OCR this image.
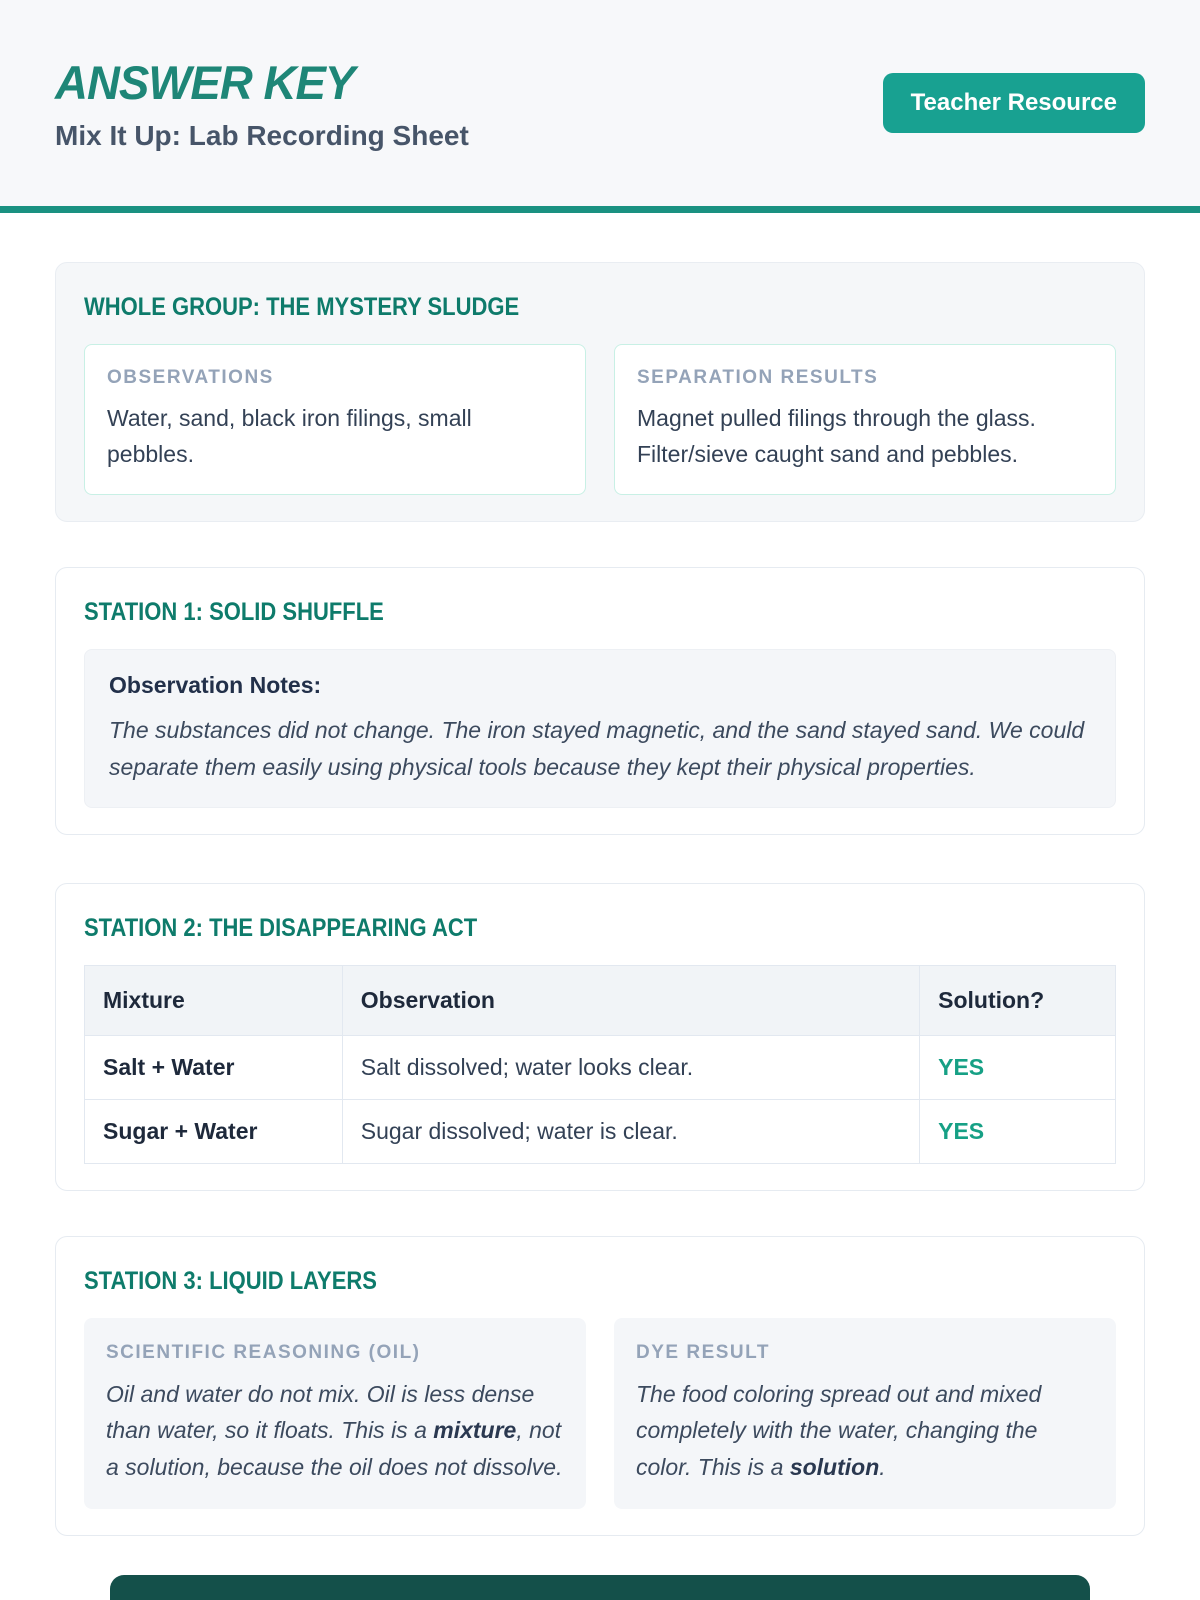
ANSWER KEY
Mix It Up: Lab Recording Sheet
Teacher Resource
WHOLE GROUP: THE MYSTERY SLUDGE
OBSERVATIONS
Water, sand, black iron filings, small pebbles.
SEPARATION RESULTS
Magnet pulled filings through the glass. Filter/sieve caught sand and pebbles.
STATION 1: SOLID SHUFFLE
Observation Notes:
The substances did not change. The iron stayed magnetic, and the sand stayed sand. We could separate them easily using physical tools because they kept their physical properties.
STATION 2: THE DISAPPEARING ACT
Mixture	Observation	Solution?
Salt + Water	Salt dissolved; water looks clear.	YES
Sugar + Water	Sugar dissolved; water is clear.	YES
STATION 3: LIQUID LAYERS
SCIENTIFIC REASONING (OIL)
Oil and water do not mix. Oil is less dense than water, so it floats. This is a mixture, not a solution, because the oil does not dissolve.
DYE RESULT
The food coloring spread out and mixed completely with the water, changing the color. This is a solution.
